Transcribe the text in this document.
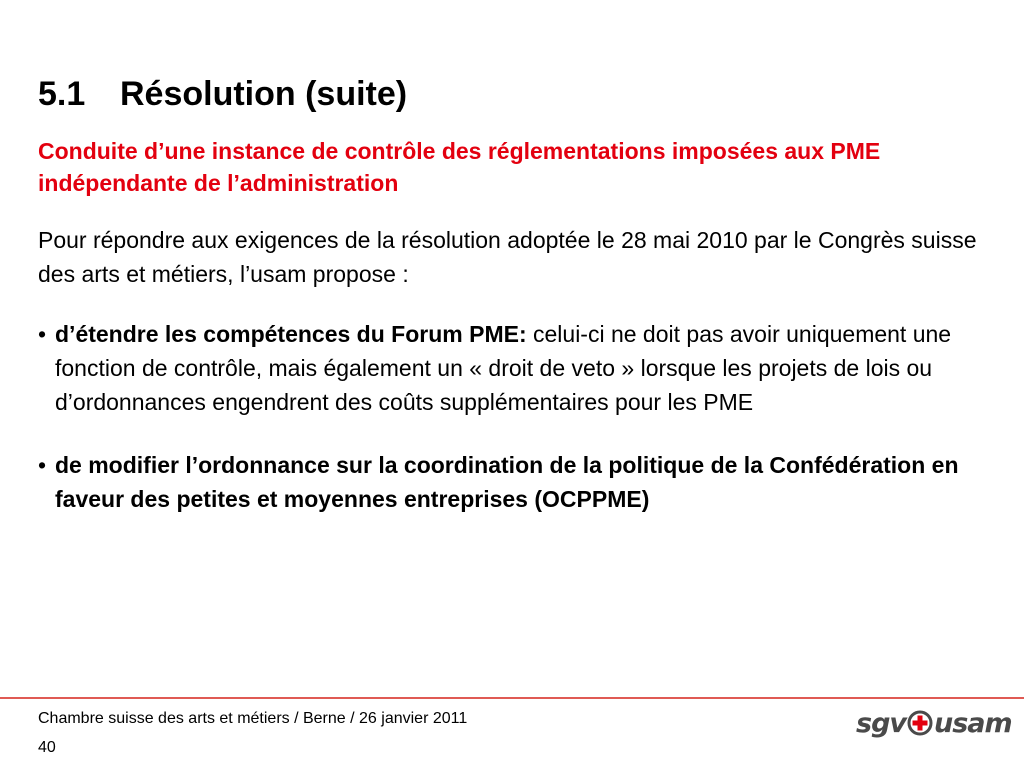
5.1 Résolution (suite)
Conduite d’une instance de contrôle des réglementations imposées aux PME indépendante de l’administration
Pour répondre aux exigences de la résolution adoptée le 28 mai 2010 par le Congrès suisse des arts et métiers, l’usam propose :
• d’étendre les compétences du Forum PME: celui-ci ne doit pas avoir uniquement une fonction de contrôle, mais également un « droit de veto » lorsque les projets de lois ou d’ordonnances engendrent des coûts supplémentaires pour les PME
• de modifier l’ordonnance sur la coordination de la politique de la Confédération en faveur des petites et moyennes entreprises (OCPPME)
Chambre suisse des arts et métiers / Berne / 26 janvier 2011
40
sgv usam
